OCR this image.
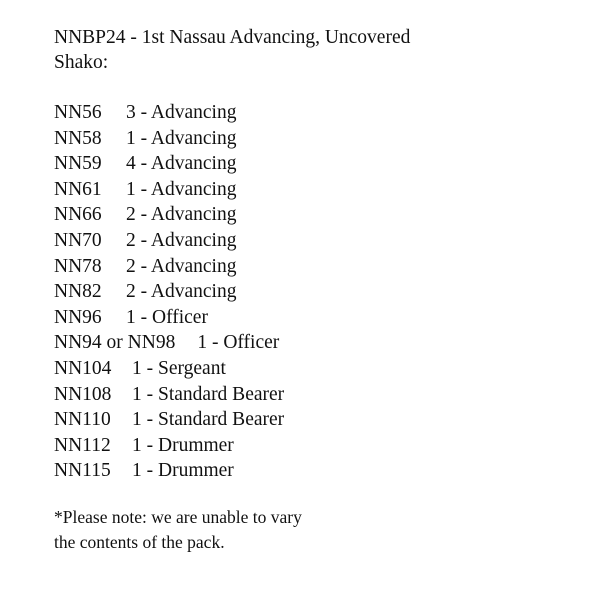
NNBP24 - 1st Nassau Advancing, Uncovered
Shako:
NN56	3 - Advancing
NN58	1 - Advancing
NN59	4 - Advancing
NN61	1 - Advancing
NN66	2 - Advancing
NN70	2 - Advancing
NN78	2 - Advancing
NN82	2 - Advancing
NN96	1 - Officer
NN94 or NN98 1 - Officer
NN104	1 - Sergeant
NN108	1 - Standard Bearer
NN110	1 - Standard Bearer
NN112	1 - Drummer
NN115	1 - Drummer
*Please note: we are unable to vary
the contents of the pack.
